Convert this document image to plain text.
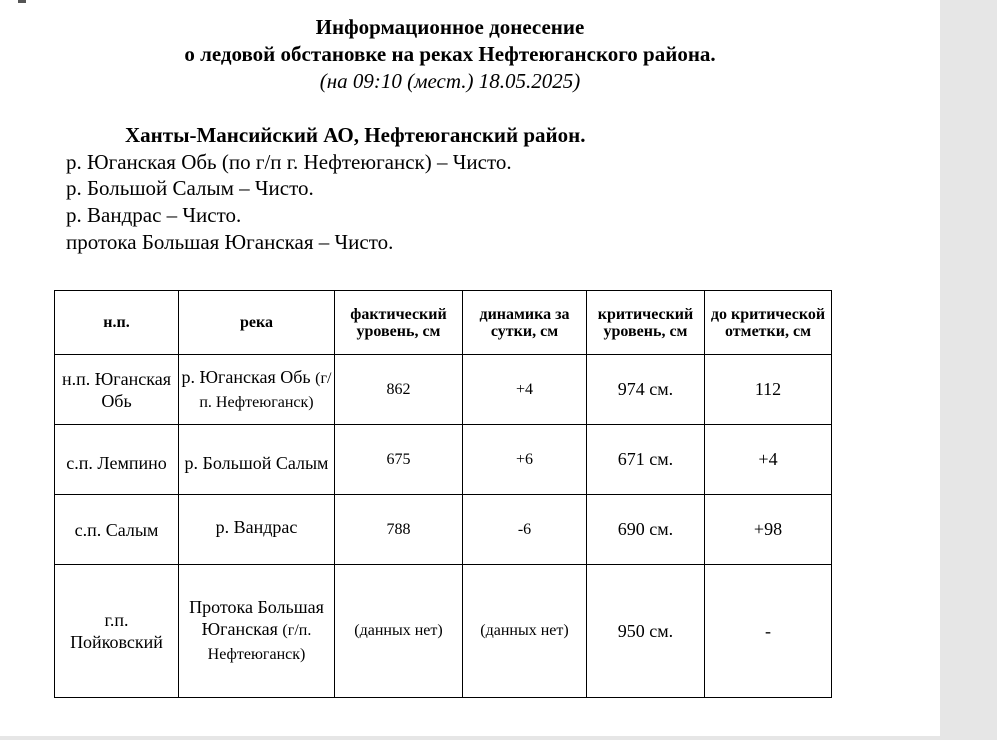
Информационное донесение
о ледовой обстановке на реках Нефтеюганского района.
(на 09:10 (мест.) 18.05.2025)
Ханты-Мансийский АО, Нефтеюганский район.
р. Юганская Обь (по г/п г. Нефтеюганск) – Чисто.
р. Большой Салым – Чисто.
р. Вандрас – Чисто.
протока Большая Юганская – Чисто.
н.п.	река	фактический уровень, см	динамика за сутки, см	критический уровень, см	до критической отметки, см
н.п. Юганская Обь	р. Юганская Обь (г/п. Нефтеюганск)	862	+4	974 см.	112
с.п. Лемпино	р. Большой Салым	675	+6	671 см.	+4
с.п. Салым	р. Вандрас	788	-6	690 см.	+98
г.п. Пойковский	Протока Большая Юганская (г/п. Нефтеюганск)	(данных нет)	(данных нет)	950 см.	-
